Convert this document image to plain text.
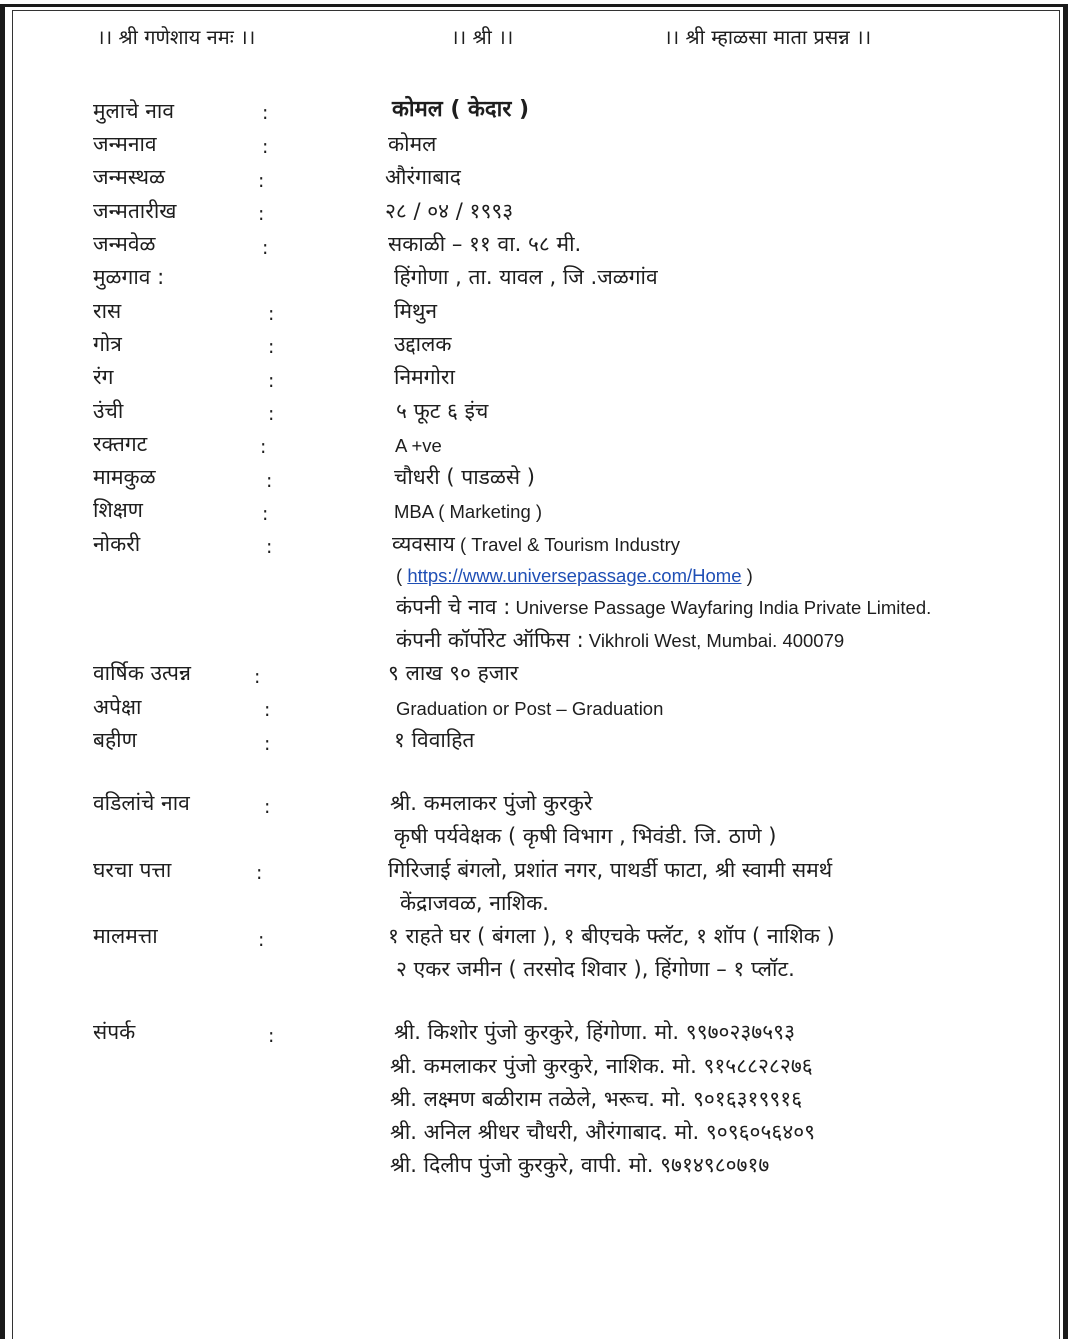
।। श्री गणेशाय नमः ।।	।। श्री ।।	।। श्री म्हाळसा माता प्रसन्न ।।
मुलाचे नाव	:	कोमल ( केदार )
जन्मनाव	:	कोमल
जन्मस्थळ	:	औरंगाबाद
जन्मतारीख	:	२८ / ०४ / १९९३
जन्मवेळ	:	सकाळी – ११ वा. ५८ मी.
मुळगाव :	हिंगोणा , ता. यावल , जि .जळगांव
रास	:	मिथुन
गोत्र	:	उद्दालक
रंग	:	निमगोरा
उंची	:	५ फूट ६ इंच
रक्तगट	:	A +ve
मामकुळ	:	चौधरी ( पाडळसे )
शिक्षण	:	MBA ( Marketing )
नोकरी	:	व्यवसाय ( Travel & Tourism Industry
( https://www.universepassage.com/Home )
कंपनी चे नाव : Universe Passage Wayfaring India Private Limited.
कंपनी कॉर्पोरेट ऑफिस : Vikhroli West, Mumbai. 400079
वार्षिक उत्पन्न	:	९ लाख ९० हजार
अपेक्षा	:	Graduation or Post – Graduation
बहीण	:	१ विवाहित
वडिलांचे नाव	:	श्री. कमलाकर पुंजो कुरकुरे
कृषी पर्यवेक्षक ( कृषी विभाग , भिवंडी. जि. ठाणे )
घरचा पत्ता	:	गिरिजाई बंगलो, प्रशांत नगर, पाथर्डी फाटा, श्री स्वामी समर्थ
केंद्राजवळ, नाशिक.
मालमत्ता	:	१ राहते घर ( बंगला ), १ बीएचके फ्लॅट, १ शॉप ( नाशिक )
२ एकर जमीन ( तरसोद शिवार ), हिंगोणा – १ प्लॉट.
संपर्क	:	श्री. किशोर पुंजो कुरकुरे, हिंगोणा. मो. ९९७०२३७५९३
श्री. कमलाकर पुंजो कुरकुरे, नाशिक. मो. ९१५८८२८२७६
श्री. लक्ष्मण बळीराम तळेले, भरूच. मो. ९०१६३१९९१६
श्री. अनिल श्रीधर चौधरी, औरंगाबाद. मो. ९०९६०५६४०९
श्री. दिलीप पुंजो कुरकुरे, वापी. मो. ९७१४९८०७१७
